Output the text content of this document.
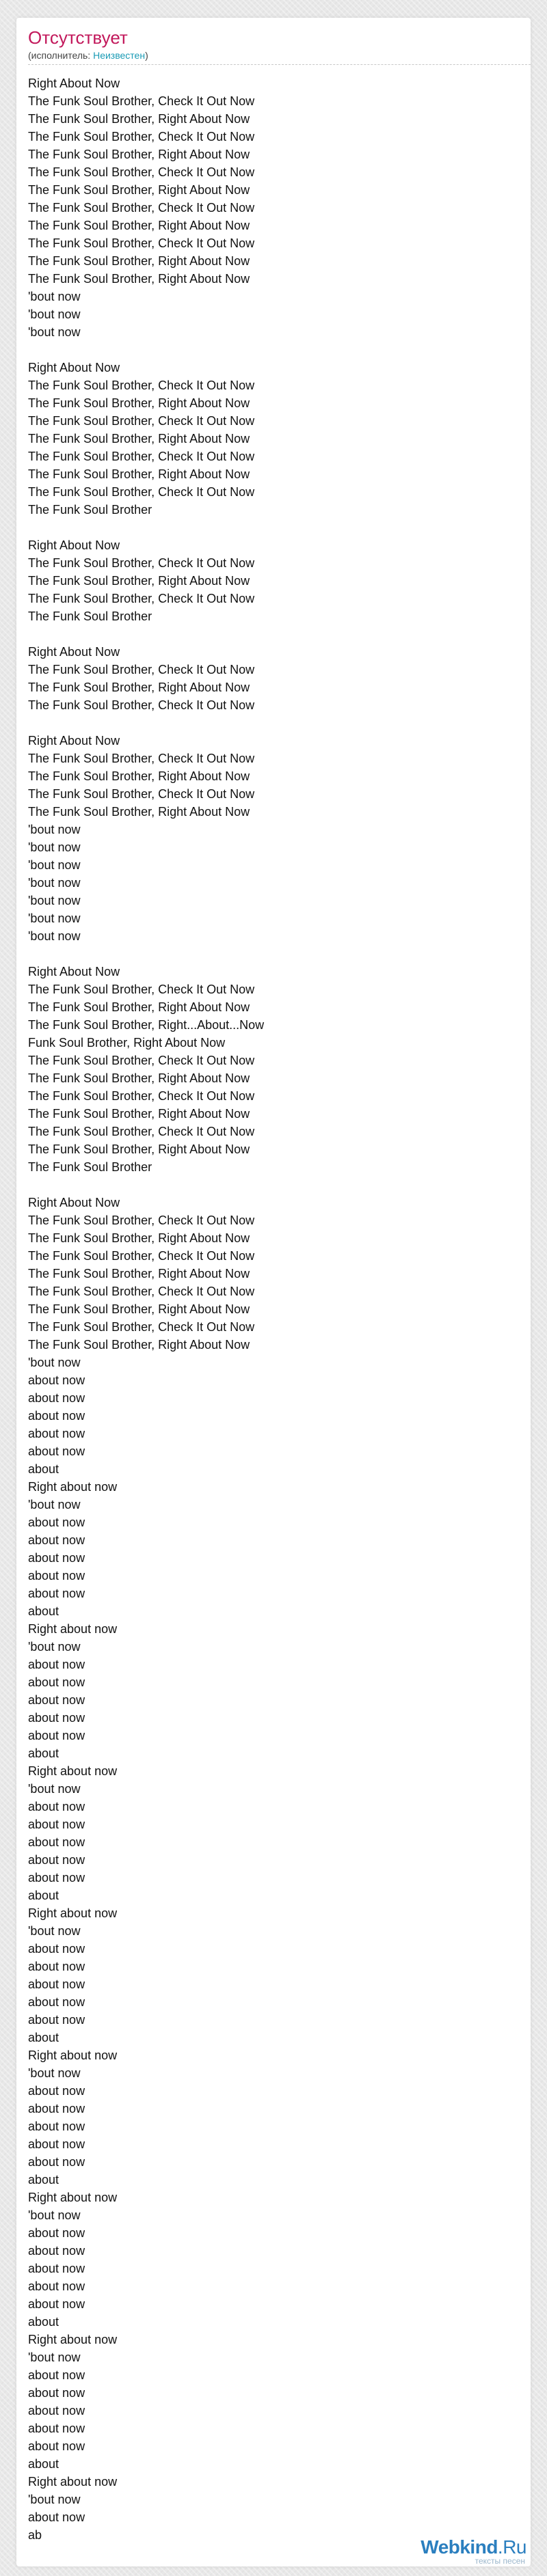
Отсутствует
(исполнитель: Неизвестен)
Right About Now
The Funk Soul Brother, Check It Out Now
The Funk Soul Brother, Right About Now
The Funk Soul Brother, Check It Out Now
The Funk Soul Brother, Right About Now
The Funk Soul Brother, Check It Out Now
The Funk Soul Brother, Right About Now
The Funk Soul Brother, Check It Out Now
The Funk Soul Brother, Right About Now
The Funk Soul Brother, Check It Out Now
The Funk Soul Brother, Right About Now
The Funk Soul Brother, Right About Now
'bout now
'bout now
'bout now
Right About Now
The Funk Soul Brother, Check It Out Now
The Funk Soul Brother, Right About Now
The Funk Soul Brother, Check It Out Now
The Funk Soul Brother, Right About Now
The Funk Soul Brother, Check It Out Now
The Funk Soul Brother, Right About Now
The Funk Soul Brother, Check It Out Now
The Funk Soul Brother
Right About Now
The Funk Soul Brother, Check It Out Now
The Funk Soul Brother, Right About Now
The Funk Soul Brother, Check It Out Now
The Funk Soul Brother
Right About Now
The Funk Soul Brother, Check It Out Now
The Funk Soul Brother, Right About Now
The Funk Soul Brother, Check It Out Now
Right About Now
The Funk Soul Brother, Check It Out Now
The Funk Soul Brother, Right About Now
The Funk Soul Brother, Check It Out Now
The Funk Soul Brother, Right About Now
'bout now
'bout now
'bout now
'bout now
'bout now
'bout now
'bout now
Right About Now
The Funk Soul Brother, Check It Out Now
The Funk Soul Brother, Right About Now
The Funk Soul Brother, Right...About...Now
Funk Soul Brother, Right About Now
The Funk Soul Brother, Check It Out Now
The Funk Soul Brother, Right About Now
The Funk Soul Brother, Check It Out Now
The Funk Soul Brother, Right About Now
The Funk Soul Brother, Check It Out Now
The Funk Soul Brother, Right About Now
The Funk Soul Brother
Right About Now
The Funk Soul Brother, Check It Out Now
The Funk Soul Brother, Right About Now
The Funk Soul Brother, Check It Out Now
The Funk Soul Brother, Right About Now
The Funk Soul Brother, Check It Out Now
The Funk Soul Brother, Right About Now
The Funk Soul Brother, Check It Out Now
The Funk Soul Brother, Right About Now
'bout now
about now
about now
about now
about now
about now
about
Right about now
'bout now
about now
about now
about now
about now
about now
about
Right about now
'bout now
about now
about now
about now
about now
about now
about
Right about now
'bout now
about now
about now
about now
about now
about now
about
Right about now
'bout now
about now
about now
about now
about now
about now
about
Right about now
'bout now
about now
about now
about now
about now
about now
about
Right about now
'bout now
about now
about now
about now
about now
about now
about
Right about now
'bout now
about now
about now
about now
about now
about now
about
Right about now
'bout now
about now
ab
Webkind.Ru
тексты песен
